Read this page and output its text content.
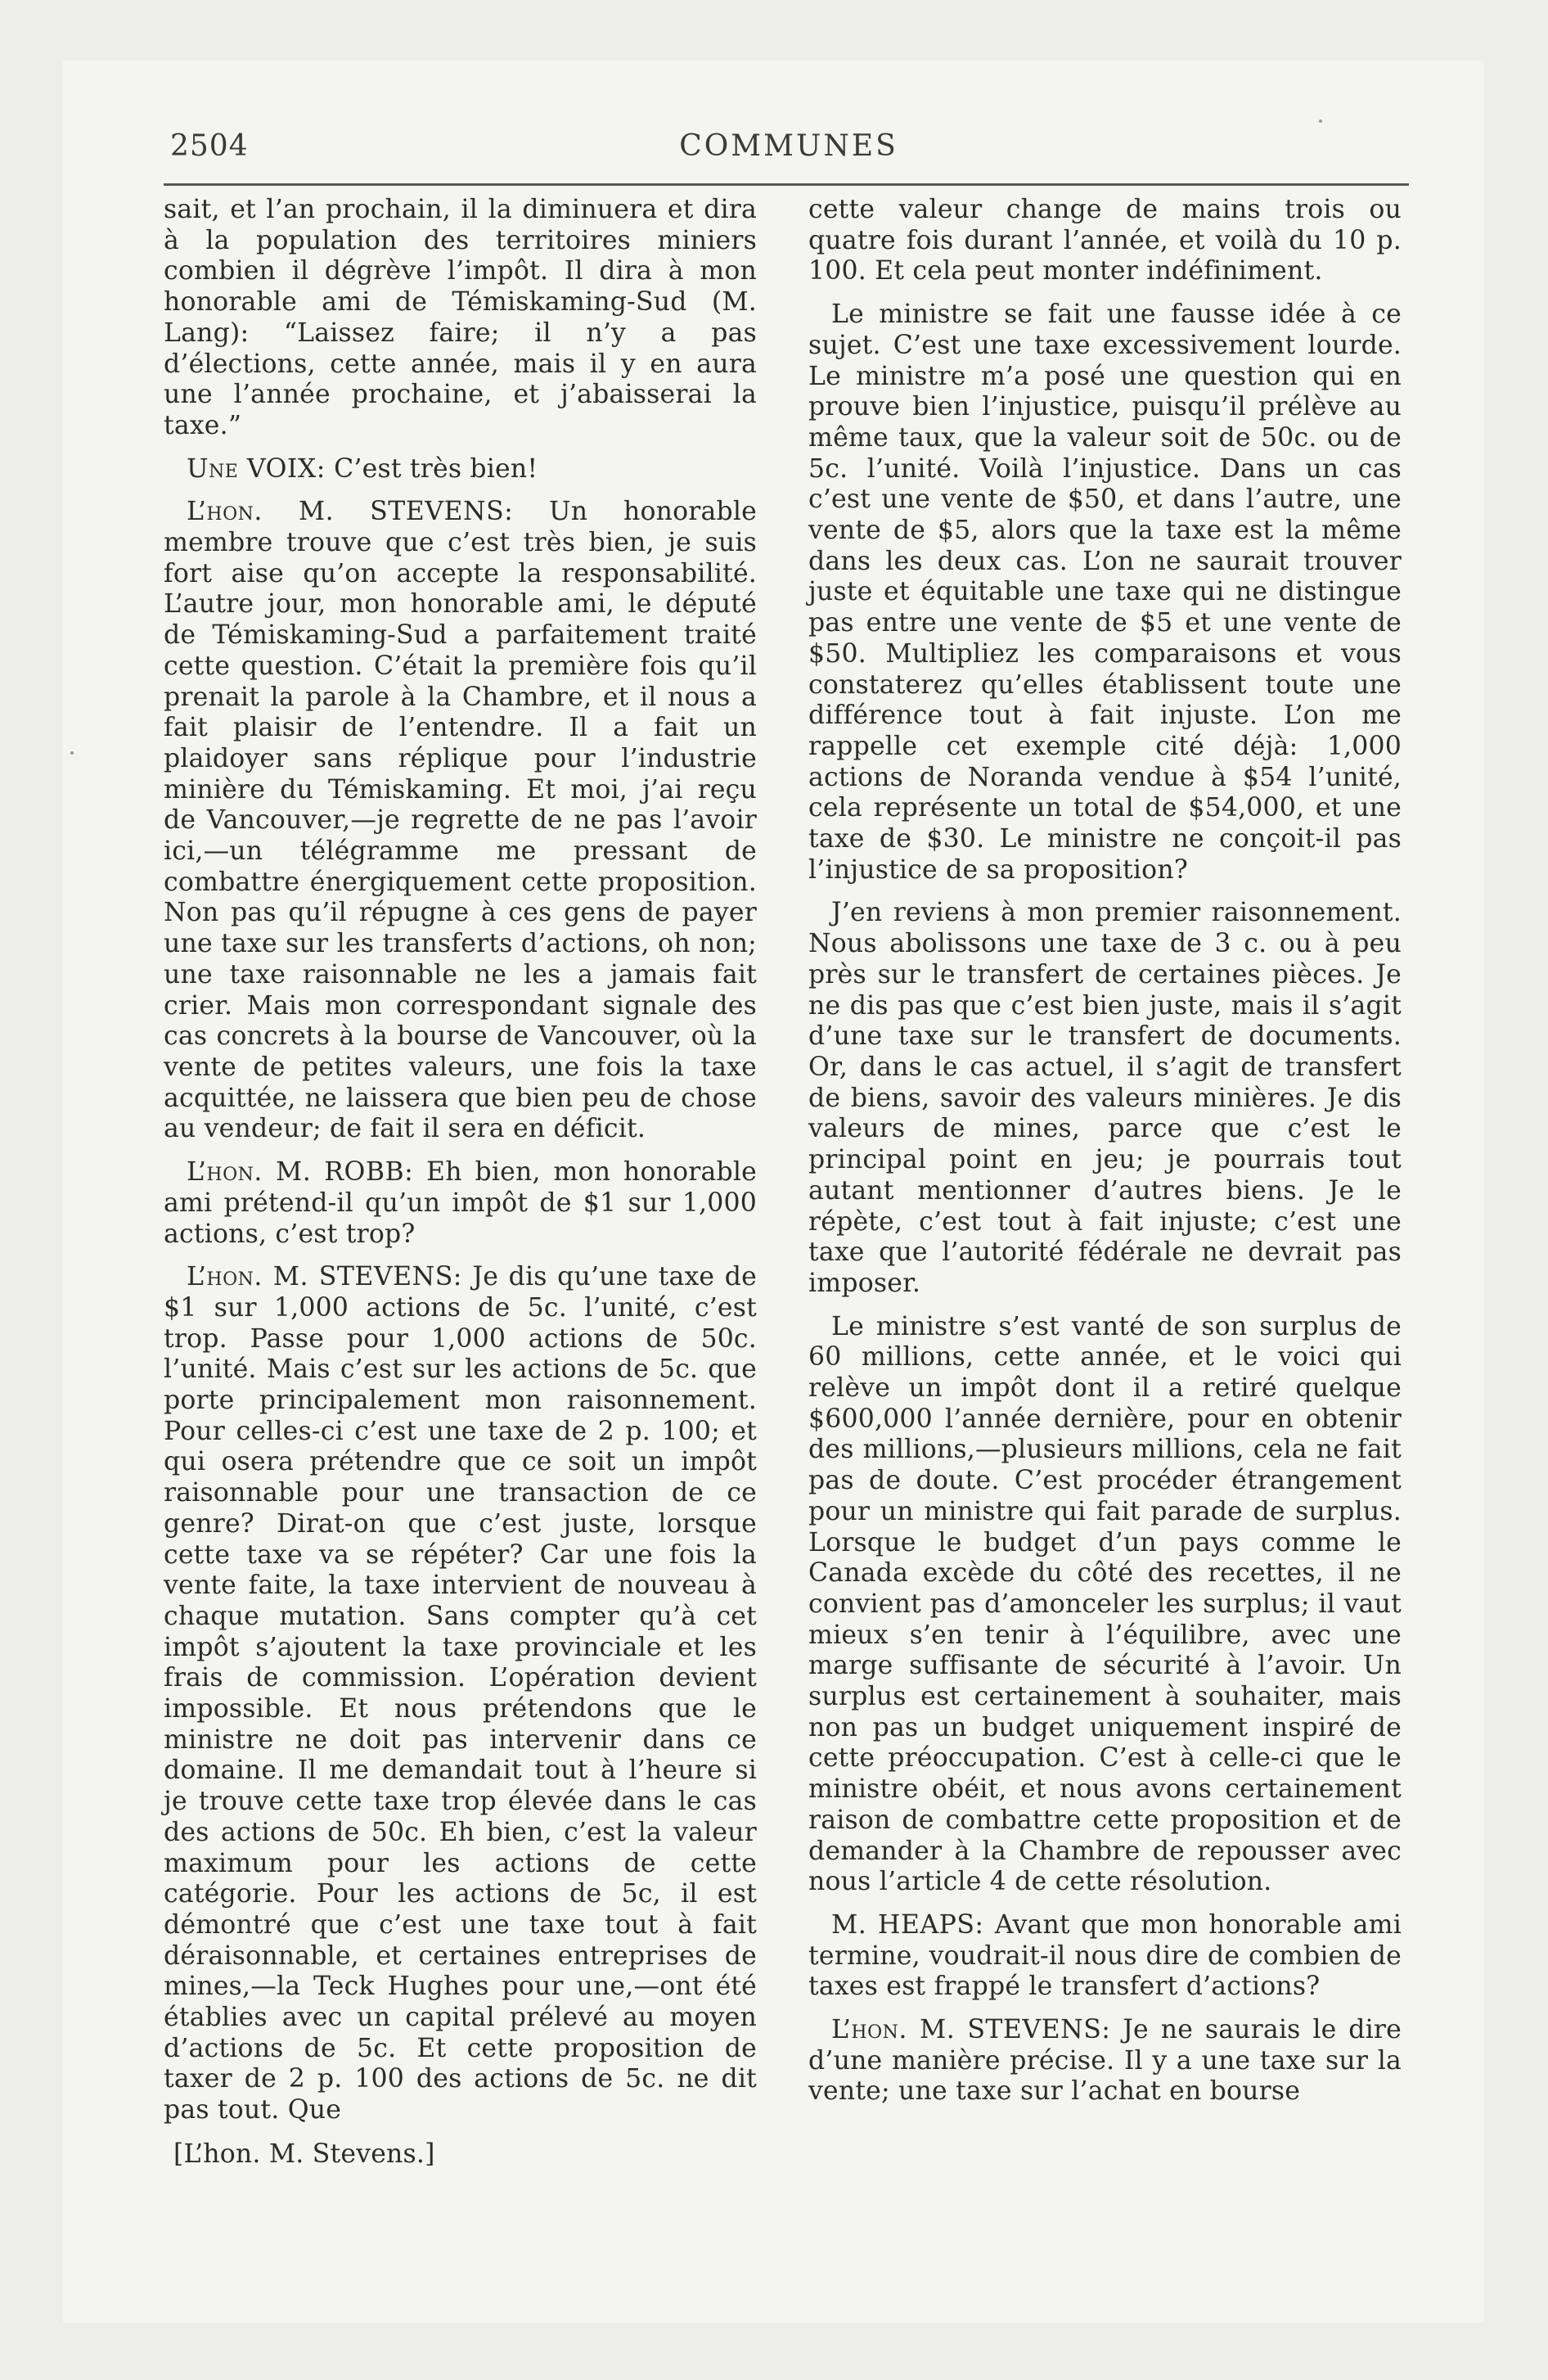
2504	COMMUNES

sait, et l’an prochain, il la diminuera et dira à la population des territoires miniers combien il dégrève l’impôt. Il dira à mon honorable ami de Témiskaming-Sud (M. Lang): “Laissez faire; il n’y a pas d’élections, cette année, mais il y en aura une l’année prochaine, et j’abaisserai la taxe.”

Une VOIX: C’est très bien!

L’hon. M. STEVENS: Un honorable membre trouve que c’est très bien, je suis fort aise qu’on accepte la responsabilité. L’autre jour, mon honorable ami, le député de Témiskaming-Sud a parfaitement traité cette question. C’était la première fois qu’il prenait la parole à la Chambre, et il nous a fait plaisir de l’entendre. Il a fait un plaidoyer sans réplique pour l’industrie minière du Témiskaming. Et moi, j’ai reçu de Vancouver,—je regrette de ne pas l’avoir ici,—un télégramme me pressant de combattre énergiquement cette proposition. Non pas qu’il répugne à ces gens de payer une taxe sur les transferts d’actions, oh non; une taxe raisonnable ne les a jamais fait crier. Mais mon correspondant signale des cas concrets à la bourse de Vancouver, où la vente de petites valeurs, une fois la taxe acquittée, ne laissera que bien peu de chose au vendeur; de fait il sera en déficit.

L’hon. M. ROBB: Eh bien, mon honorable ami prétend-il qu’un impôt de $1 sur 1,000 actions, c’est trop?

L’hon. M. STEVENS: Je dis qu’une taxe de $1 sur 1,000 actions de 5c. l’unité, c’est trop. Passe pour 1,000 actions de 50c. l’unité. Mais c’est sur les actions de 5c. que porte principalement mon raisonnement. Pour celles-ci c’est une taxe de 2 p. 100; et qui osera prétendre que ce soit un impôt raisonnable pour une transaction de ce genre? Dirat-on que c’est juste, lorsque cette taxe va se répéter? Car une fois la vente faite, la taxe intervient de nouveau à chaque mutation. Sans compter qu’à cet impôt s’ajoutent la taxe provinciale et les frais de commission. L’opération devient impossible. Et nous prétendons que le ministre ne doit pas intervenir dans ce domaine. Il me demandait tout à l’heure si je trouve cette taxe trop élevée dans le cas des actions de 50c. Eh bien, c’est la valeur maximum pour les actions de cette catégorie. Pour les actions de 5c, il est démontré que c’est une taxe tout à fait déraisonnable, et certaines entreprises de mines,—la Teck Hughes pour une,—ont été établies avec un capital prélevé au moyen d’actions de 5c. Et cette proposition de taxer de 2 p. 100 des actions de 5c. ne dit pas tout. Que

[L’hon. M. Stevens.]

cette valeur change de mains trois ou quatre fois durant l’année, et voilà du 10 p. 100. Et cela peut monter indéfiniment.

Le ministre se fait une fausse idée à ce sujet. C’est une taxe excessivement lourde. Le ministre m’a posé une question qui en prouve bien l’injustice, puisqu’il prélève au même taux, que la valeur soit de 50c. ou de 5c. l’unité. Voilà l’injustice. Dans un cas c’est une vente de $50, et dans l’autre, une vente de $5, alors que la taxe est la même dans les deux cas. L’on ne saurait trouver juste et équitable une taxe qui ne distingue pas entre une vente de $5 et une vente de $50. Multipliez les comparaisons et vous constaterez qu’elles établissent toute une différence tout à fait injuste. L’on me rappelle cet exemple cité déjà: 1,000 actions de Noranda vendue à $54 l’unité, cela représente un total de $54,000, et une taxe de $30. Le ministre ne conçoit-il pas l’injustice de sa proposition?

J’en reviens à mon premier raisonnement. Nous abolissons une taxe de 3 c. ou à peu près sur le transfert de certaines pièces. Je ne dis pas que c’est bien juste, mais il s’agit d’une taxe sur le transfert de documents. Or, dans le cas actuel, il s’agit de transfert de biens, savoir des valeurs minières. Je dis valeurs de mines, parce que c’est le principal point en jeu; je pourrais tout autant mentionner d’autres biens. Je le répète, c’est tout à fait injuste; c’est une taxe que l’autorité fédérale ne devrait pas imposer.

Le ministre s’est vanté de son surplus de 60 millions, cette année, et le voici qui relève un impôt dont il a retiré quelque $600,000 l’année dernière, pour en obtenir des millions,—plusieurs millions, cela ne fait pas de doute. C’est procéder étrangement pour un ministre qui fait parade de surplus. Lorsque le budget d’un pays comme le Canada excède du côté des recettes, il ne convient pas d’amonceler les surplus; il vaut mieux s’en tenir à l’équilibre, avec une marge suffisante de sécurité à l’avoir. Un surplus est certainement à souhaiter, mais non pas un budget uniquement inspiré de cette préoccupation. C’est à celle-ci que le ministre obéit, et nous avons certainement raison de combattre cette proposition et de demander à la Chambre de repousser avec nous l’article 4 de cette résolution.

M. HEAPS: Avant que mon honorable ami termine, voudrait-il nous dire de combien de taxes est frappé le transfert d’actions?

L’hon. M. STEVENS: Je ne saurais le dire d’une manière précise. Il y a une taxe sur la vente; une taxe sur l’achat en bourse
